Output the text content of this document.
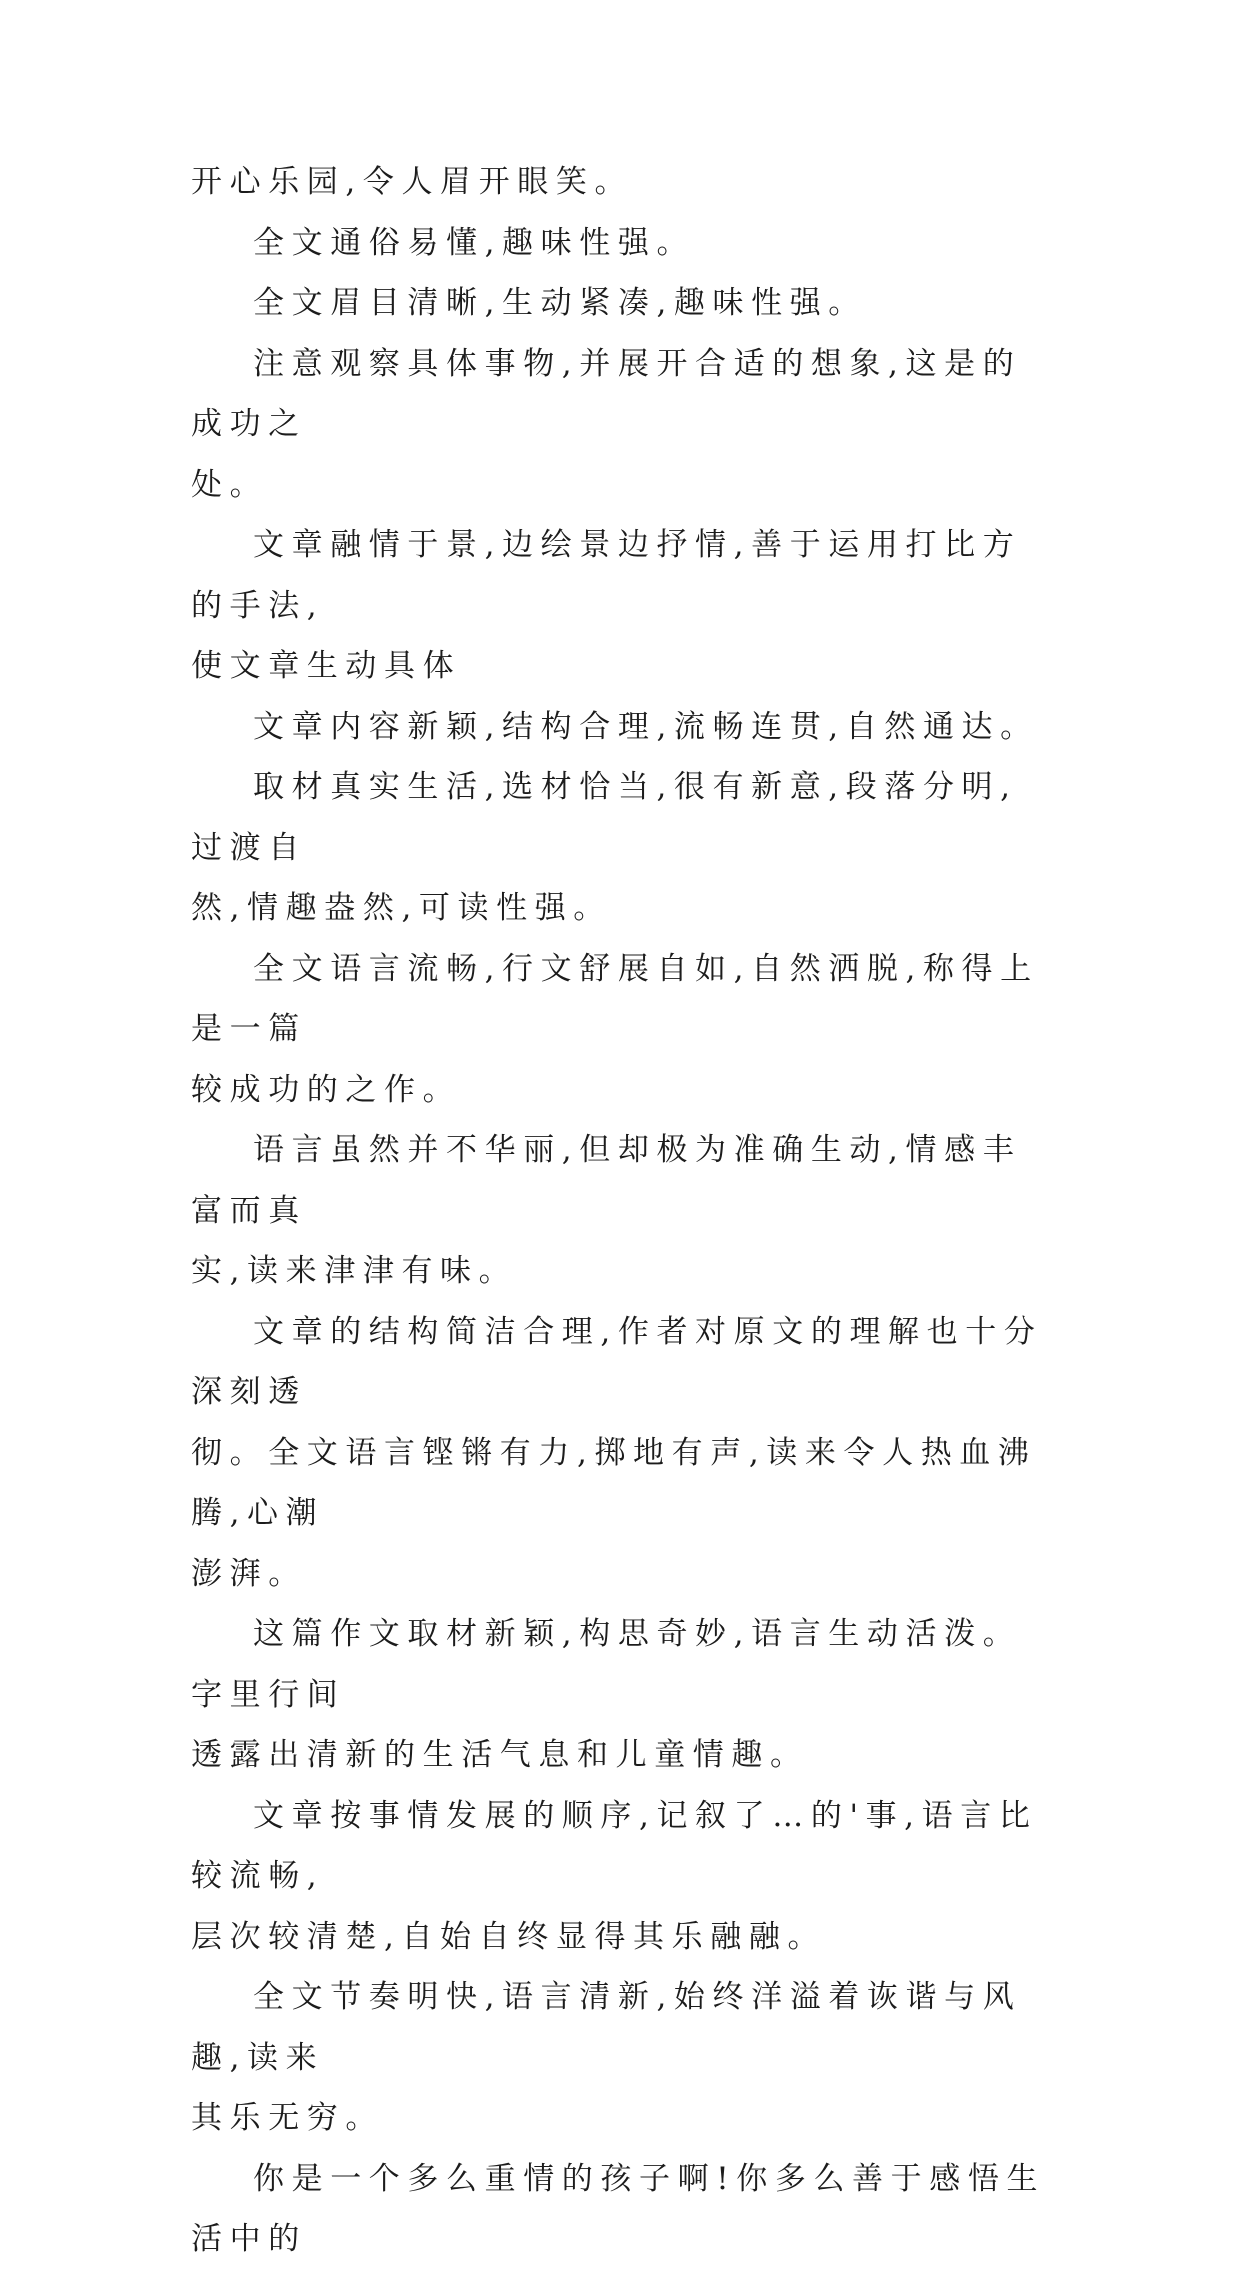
开心乐园,令人眉开眼笑。

全文通俗易懂,趣味性强。

全文眉目清晰,生动紧凑,趣味性强。

注意观察具体事物,并展开合适的想象,这是的成功之
处。

文章融情于景,边绘景边抒情,善于运用打比方的手法,
使文章生动具体

文章内容新颖,结构合理,流畅连贯,自然通达。

取材真实生活,选材恰当,很有新意,段落分明,过渡自
然,情趣盎然,可读性强。

全文语言流畅,行文舒展自如,自然洒脱,称得上是一篇
较成功的之作。

语言虽然并不华丽,但却极为准确生动,情感丰富而真
实,读来津津有味。

文章的结构简洁合理,作者对原文的理解也十分深刻透
彻。全文语言铿锵有力,掷地有声,读来令人热血沸腾,心潮
澎湃。

这篇作文取材新颖,构思奇妙,语言生动活泼。字里行间
透露出清新的生活气息和儿童情趣。

文章按事情发展的顺序,记叙了…的'事,语言比较流畅,
层次较清楚,自始自终显得其乐融融。

全文节奏明快,语言清新,始终洋溢着诙谐与风趣,读来
其乐无穷。

你是一个多么重情的孩子啊!你多么善于感悟生活中的
